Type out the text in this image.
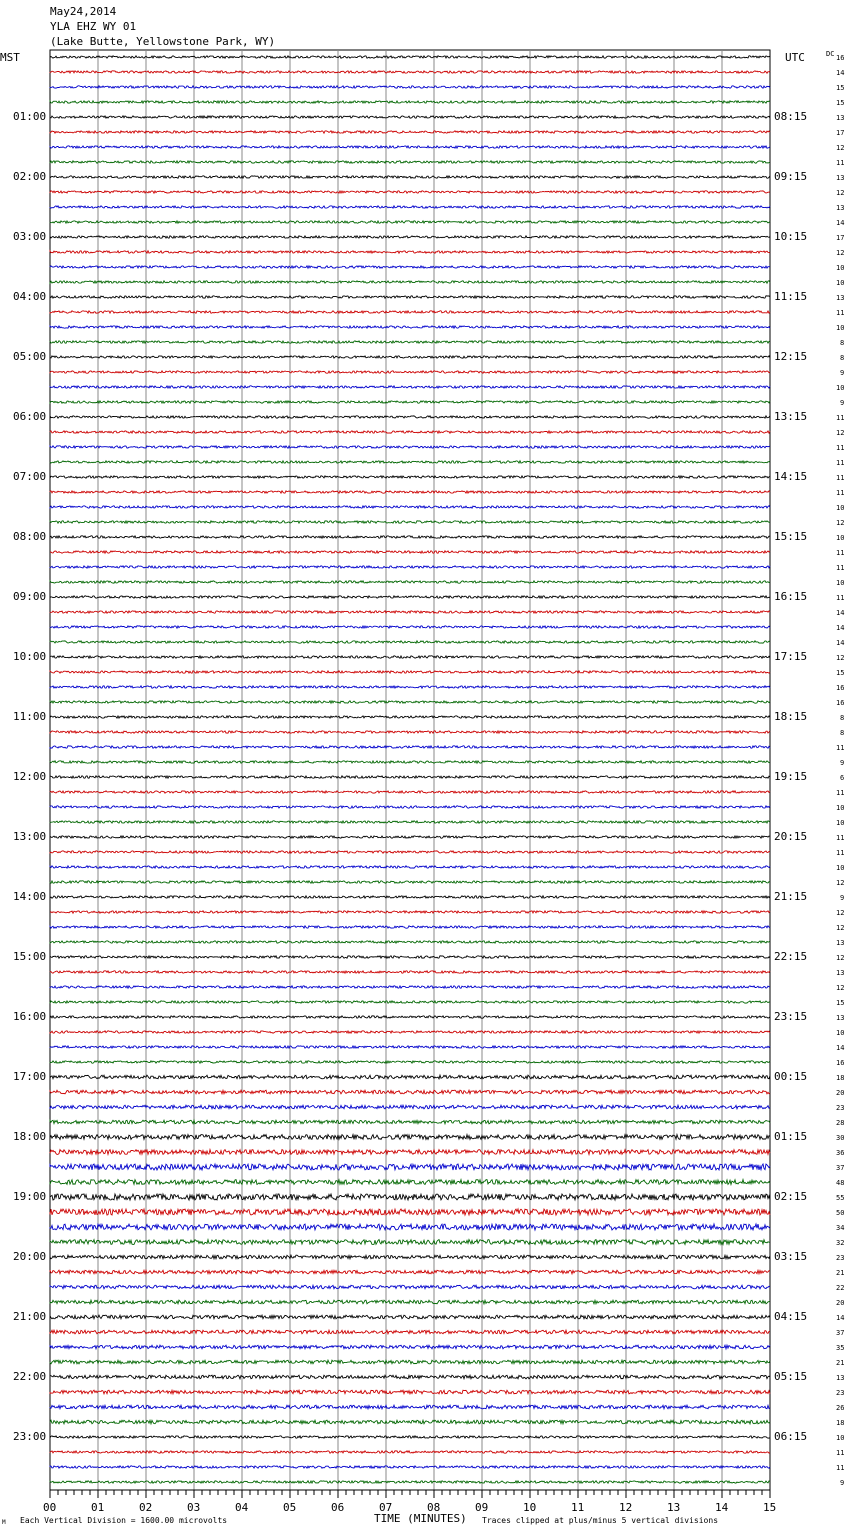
May24,2014
YLA EHZ WY 01
(Lake Butte, Yellowstone Park, WY)
MST	UTC
00	01	02	03	04	05	06	07	08	09	10	11	12	13	14	15
01:00	08:15
02:00	09:15
03:00	10:15
04:00	11:15
05:00	12:15
06:00	13:15
07:00	14:15
08:00	15:15
09:00	16:15
10:00	17:15
11:00	18:15
12:00	19:15
13:00	20:15
14:00	21:15
15:00	22:15
16:00	23:15
17:00	00:15
18:00	01:15
19:00	02:15
20:00	03:15
21:00	04:15
22:00	05:15
23:00	06:15
DC 16
14
15
15
13
17
12
11
13
12
13
14
17
12
10
10
13
11
10
8
8
9
10
9
11
12
11
11
11
11
10
12
10
11
11
10
11
14
14
14
12
15
16
16
8
8
11
9
6
11
10
10
11
11
10
12
9
12
12
13
12
13
12
15
13
10
14
16
18
20
23
28
30
36
37
48
55
50
34
32
23
21
22
20
14
37
35
21
13
23
26
18
10
11
11
9
M Each Vertical Division = 1600.00 microvolts	TIME (MINUTES) Traces clipped at plus/minus 5 vertical divisions
